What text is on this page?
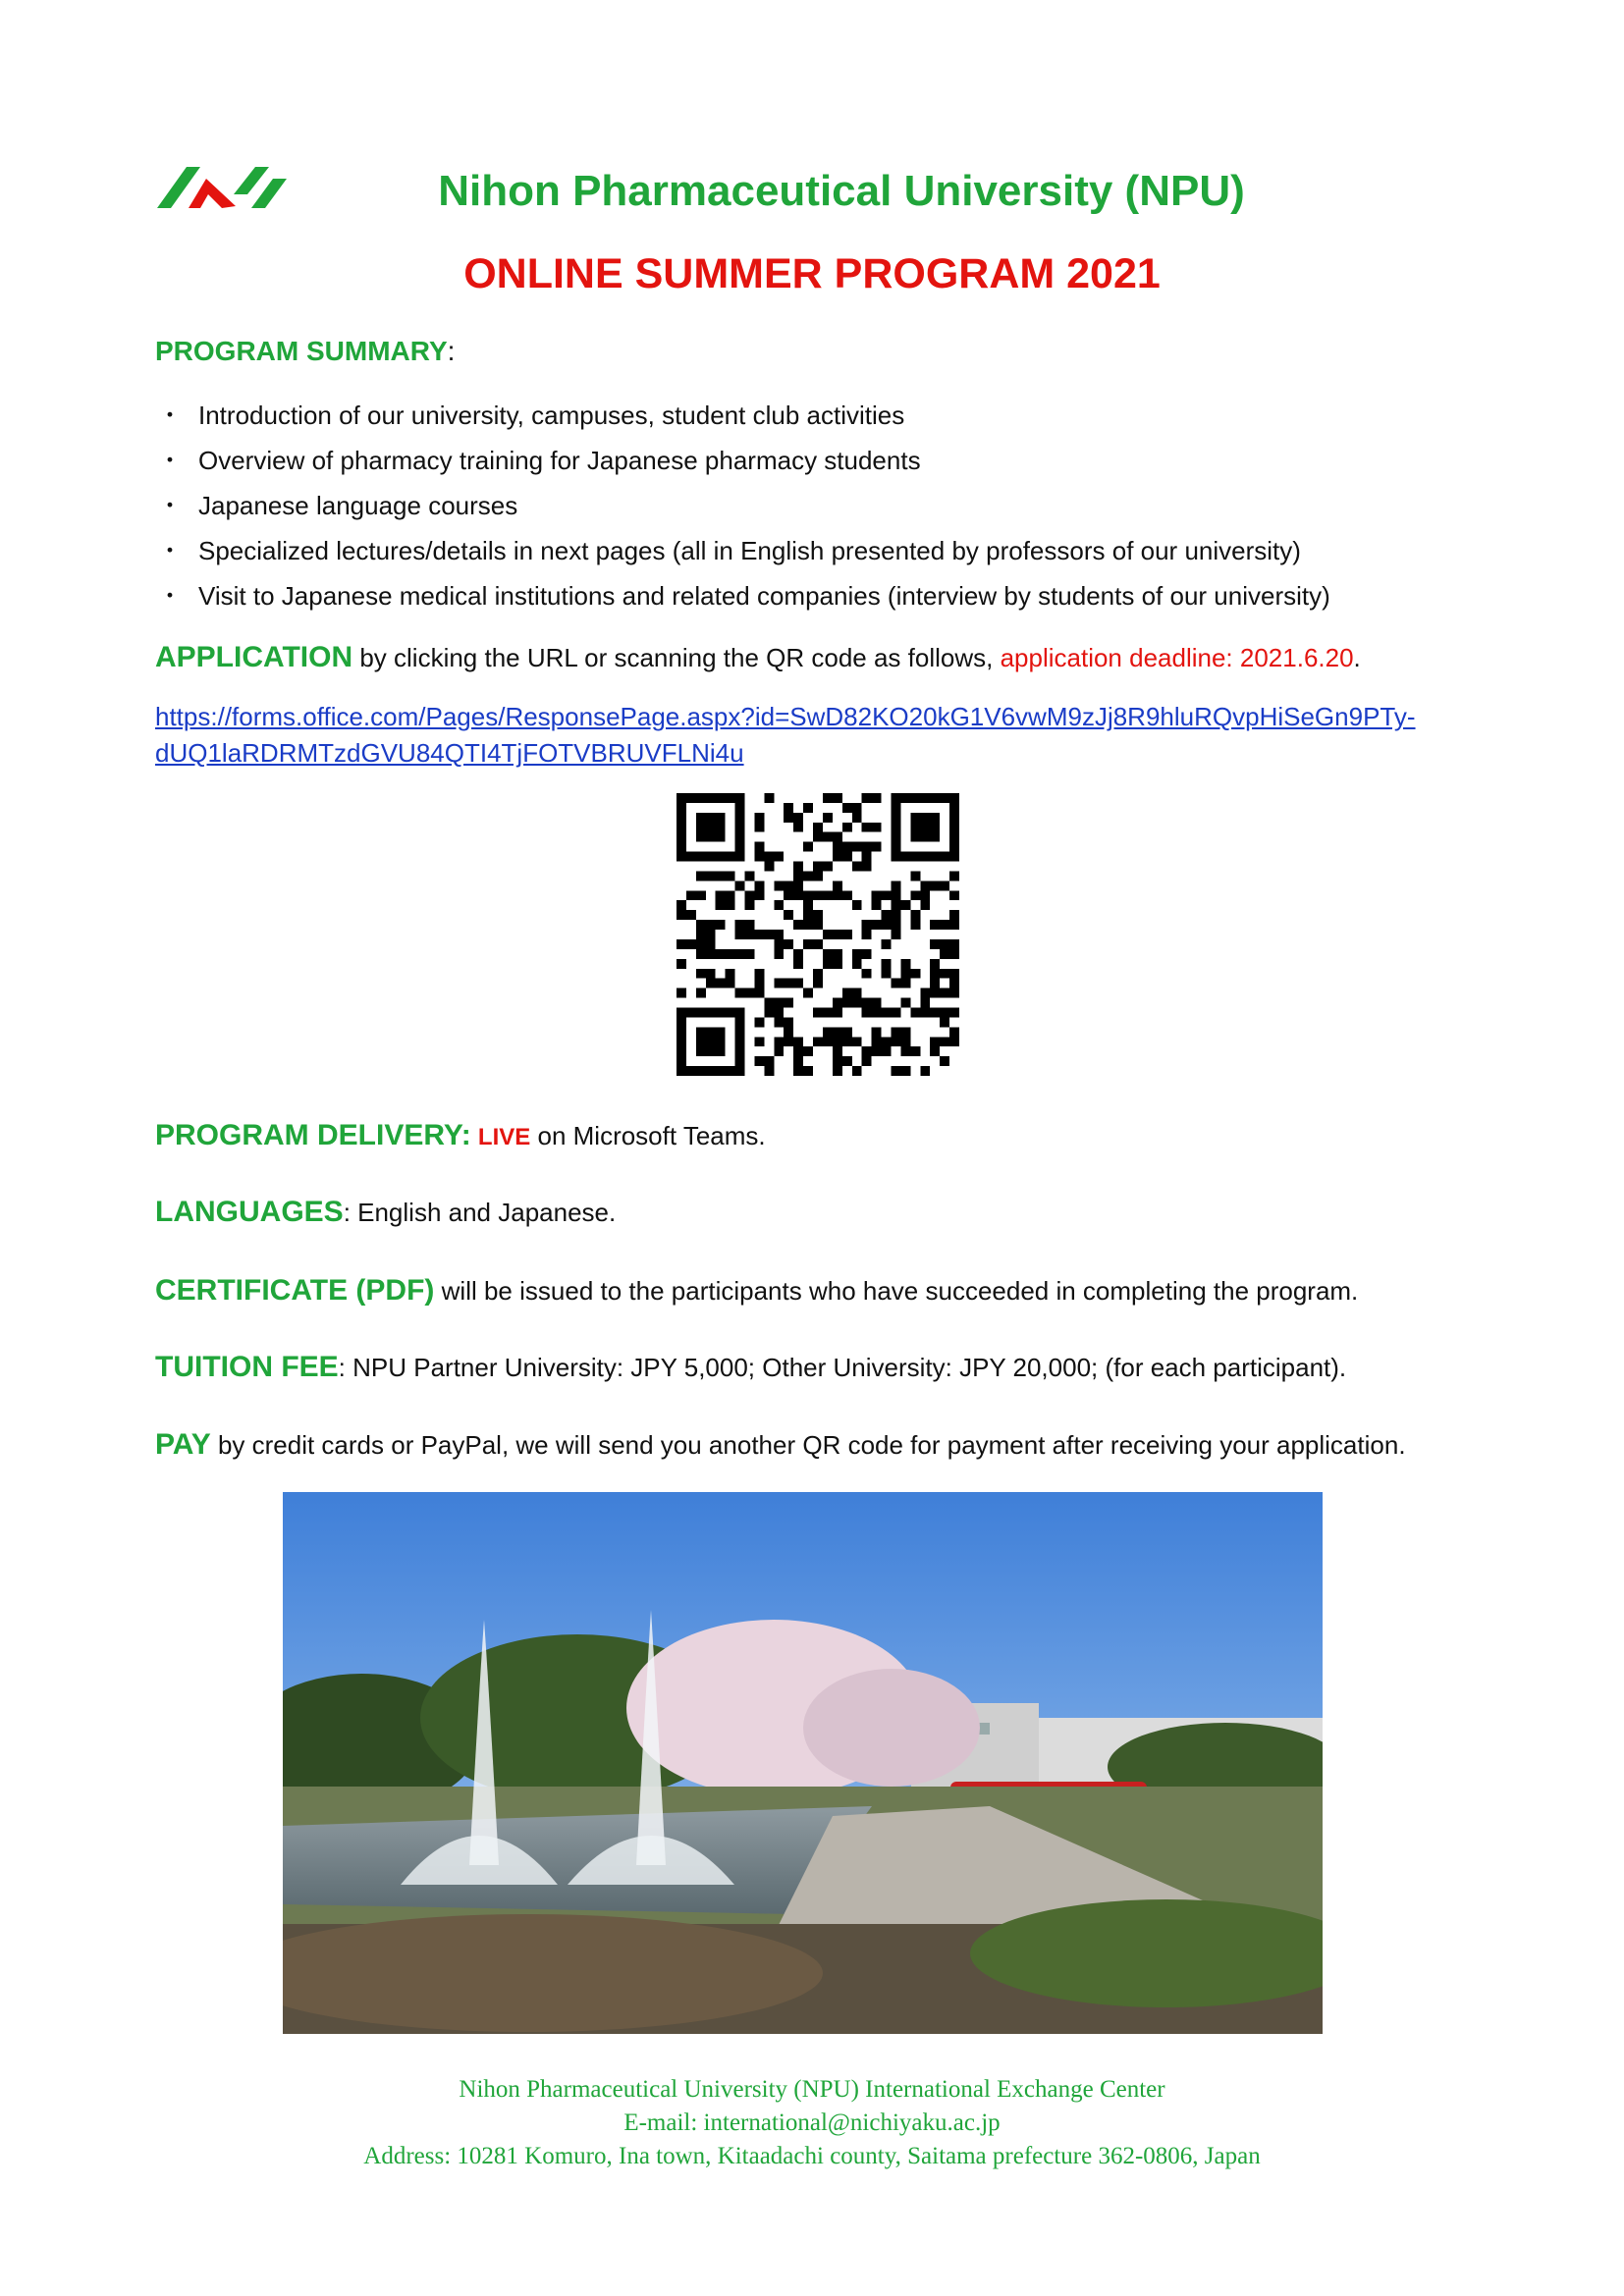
Nihon Pharmaceutical University (NPU)
ONLINE SUMMER PROGRAM 2021
PROGRAM SUMMARY:
・ Introduction of our university, campuses, student club activities
・ Overview of pharmacy training for Japanese pharmacy students
・ Japanese language courses
・ Specialized lectures/details in next pages (all in English presented by professors of our university)
・ Visit to Japanese medical institutions and related companies (interview by students of our university)
APPLICATION by clicking the URL or scanning the QR code as follows, application deadline: 2021.6.20.
https://forms.office.com/Pages/ResponsePage.aspx?id=SwD82KO20kG1V6vwM9zJj8R9hluRQvpHiSeGn9PTy-
dUQ1laRDRMTzdGVU84QTI4TjFOTVBRUVFLNi4u
PROGRAM DELIVERY: LIVE on Microsoft Teams.
LANGUAGES: English and Japanese.
CERTIFICATE (PDF) will be issued to the participants who have succeeded in completing the program.
TUITION FEE: NPU Partner University: JPY 5,000; Other University: JPY 20,000; (for each participant).
PAY by credit cards or PayPal, we will send you another QR code for payment after receiving your application.
Nihon Pharmaceutical University (NPU) International Exchange Center
E-mail: international@nichiyaku.ac.jp
Address: 10281 Komuro, Ina town, Kitaadachi county, Saitama prefecture 362-0806, Japan
